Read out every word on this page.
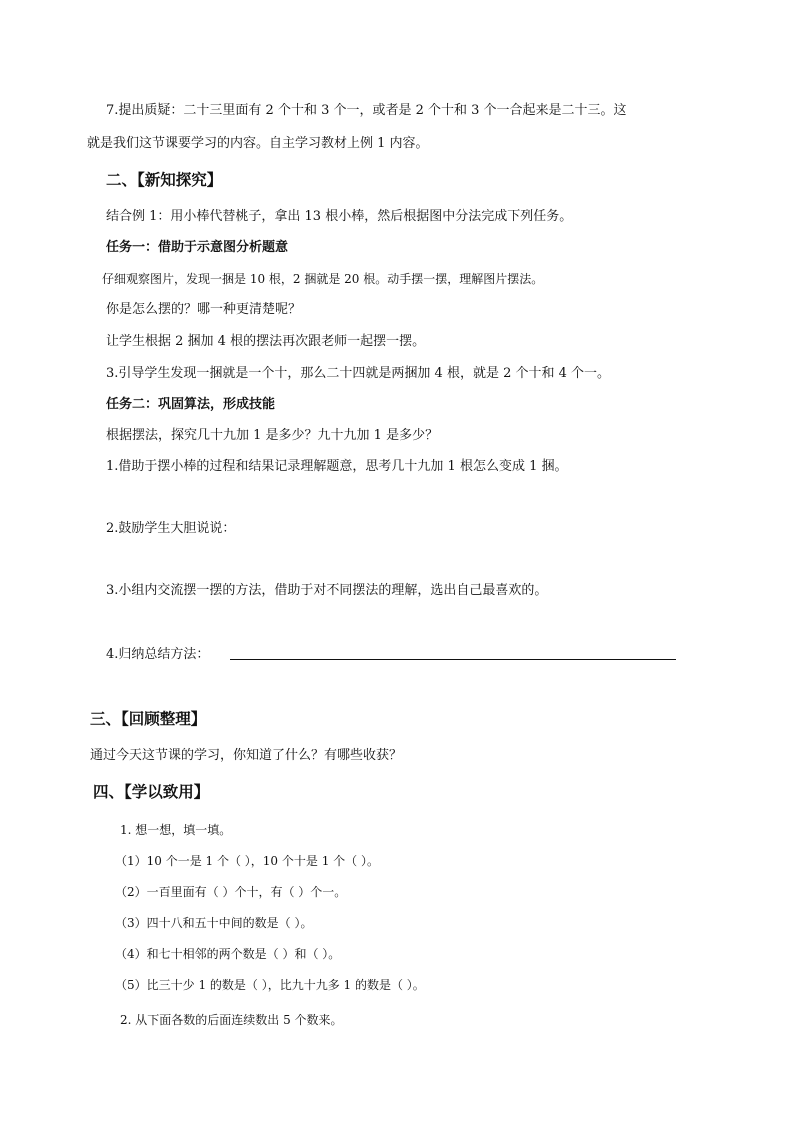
7.提出质疑：二十三里面有 2 个十和 3 个一，或者是 2 个十和 3 个一合起来是二十三。这
就是我们这节课要学习的内容。自主学习教材上例 1 内容。
二、【新知探究】
结合例 1：用小棒代替桃子，拿出 13 根小棒，然后根据图中分法完成下列任务。
任务一：借助于示意图分析题意
仔细观察图片，发现一捆是 10 根，2 捆就是 20 根。动手摆一摆，理解图片摆法。
你是怎么摆的？哪一种更清楚呢？
让学生根据 2 捆加 4 根的摆法再次跟老师一起摆一摆。
3.引导学生发现一捆就是一个十，那么二十四就是两捆加 4 根，就是 2 个十和 4 个一。
任务二：巩固算法，形成技能
根据摆法，探究几十九加 1 是多少？九十九加 1 是多少？
1.借助于摆小棒的过程和结果记录理解题意，思考几十九加 1 根怎么变成 1 捆。
2.鼓励学生大胆说说：
3.小组内交流摆一摆的方法，借助于对不同摆法的理解，选出自己最喜欢的。
4.归纳总结方法：
三、【回顾整理】
通过今天这节课的学习，你知道了什么？有哪些收获？
四、【学以致用】
1. 想一想，填一填。
（1）10 个一是 1 个（ ），10 个十是 1 个（ ）。
（2）一百里面有（ ）个十，有（ ）个一。
（3）四十八和五十中间的数是（ ）。
（4）和七十相邻的两个数是（ ）和（ ）。
（5）比三十少 1 的数是（ ），比九十九多 1 的数是（ ）。
2. 从下面各数的后面连续数出 5 个数来。
